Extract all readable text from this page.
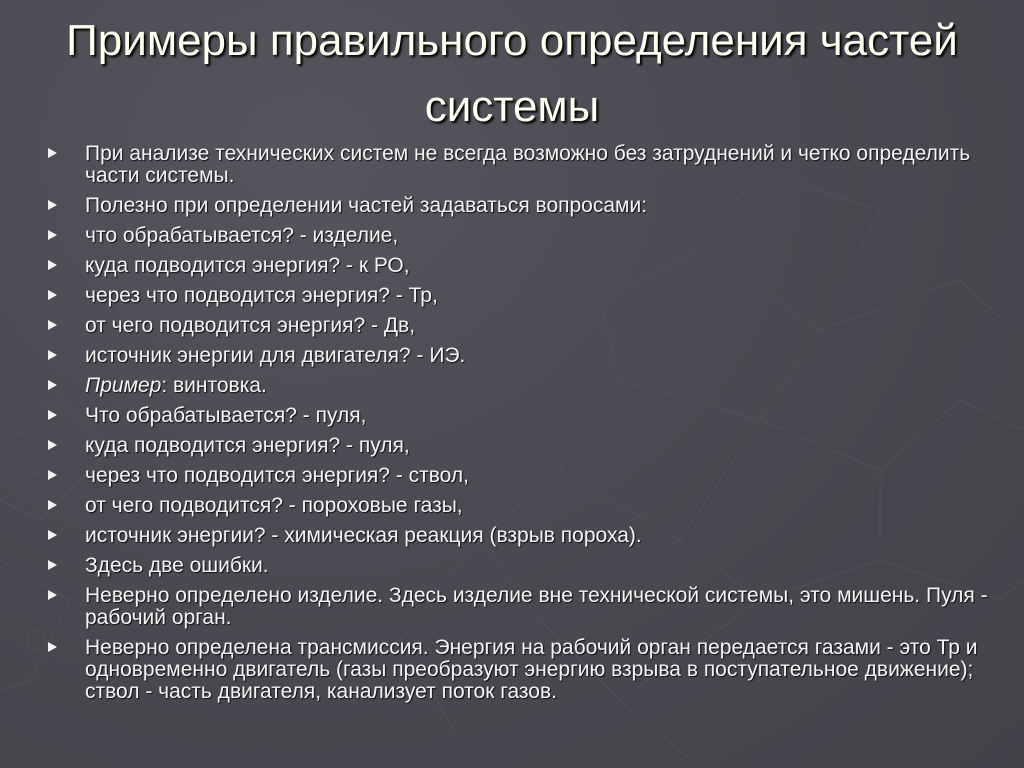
Примеры правильного определения частей системы
При анализе технических систем не всегда возможно без затруднений и четко определить части системы.
Полезно при определении частей задаваться вопросами:
что обрабатывается? - изделие,
куда подводится энергия? - к РО,
через что подводится энергия? - Тр,
от чего подводится энергия? - Дв,
источник энергии для двигателя? - ИЭ.
Пример: винтовка.
Что обрабатывается? - пуля,
куда подводится энергия? - пуля,
через что подводится энергия? - ствол,
от чего подводится? - пороховые газы,
источник энергии? - химическая реакция (взрыв пороха).
Здесь две ошибки.
Неверно определено изделие. Здесь изделие вне технической системы, это мишень. Пуля - рабочий орган.
Неверно определена трансмиссия. Энергия на рабочий орган передается газами - это Тр и одновременно двигатель (газы преобразуют энергию взрыва в поступательное движение); ствол - часть двигателя, канализует поток газов.
